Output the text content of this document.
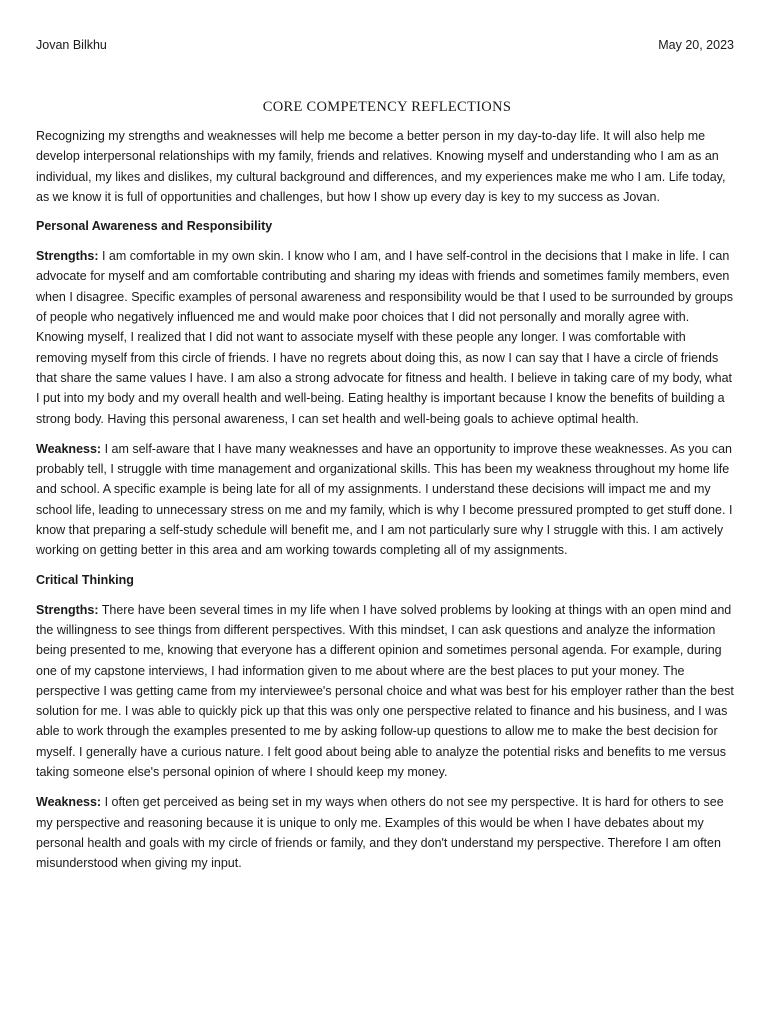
Jovan Bilkhu	May 20, 2023
CORE COMPETENCY REFLECTIONS

Recognizing my strengths and weaknesses will help me become a better person in my day-to-day life. It will also help me develop interpersonal relationships with my family, friends and relatives. Knowing myself and understanding who I am as an individual, my likes and dislikes, my cultural background and differences, and my experiences make me who I am. Life today, as we know it is full of opportunities and challenges, but how I show up every day is key to my success as Jovan.

Personal Awareness and Responsibility

Strengths: I am comfortable in my own skin. I know who I am, and I have self-control in the decisions that I make in life. I can advocate for myself and am comfortable contributing and sharing my ideas with friends and sometimes family members, even when I disagree. Specific examples of personal awareness and responsibility would be that I used to be surrounded by groups of people who negatively influenced me and would make poor choices that I did not personally and morally agree with. Knowing myself, I realized that I did not want to associate myself with these people any longer. I was comfortable with removing myself from this circle of friends. I have no regrets about doing this, as now I can say that I have a circle of friends that share the same values I have. I am also a strong advocate for fitness and health. I believe in taking care of my body, what I put into my body and my overall health and well-being. Eating healthy is important because I know the benefits of building a strong body. Having this personal awareness, I can set health and well-being goals to achieve optimal health.

Weakness: I am self-aware that I have many weaknesses and have an opportunity to improve these weaknesses. As you can probably tell, I struggle with time management and organizational skills. This has been my weakness throughout my home life and school. A specific example is being late for all of my assignments. I understand these decisions will impact me and my school life, leading to unnecessary stress on me and my family, which is why I become pressured prompted to get stuff done. I know that preparing a self-study schedule will benefit me, and I am not particularly sure why I struggle with this. I am actively working on getting better in this area and am working towards completing all of my assignments.

Critical Thinking

Strengths: There have been several times in my life when I have solved problems by looking at things with an open mind and the willingness to see things from different perspectives. With this mindset, I can ask questions and analyze the information being presented to me, knowing that everyone has a different opinion and sometimes personal agenda. For example, during one of my capstone interviews, I had information given to me about where are the best places to put your money. The perspective I was getting came from my interviewee's personal choice and what was best for his employer rather than the best solution for me. I was able to quickly pick up that this was only one perspective related to finance and his business, and I was able to work through the examples presented to me by asking follow-up questions to allow me to make the best decision for myself. I generally have a curious nature. I felt good about being able to analyze the potential risks and benefits to me versus taking someone else's personal opinion of where I should keep my money.

Weakness: I often get perceived as being set in my ways when others do not see my perspective. It is hard for others to see my perspective and reasoning because it is unique to only me. Examples of this would be when I have debates about my personal health and goals with my circle of friends or family, and they don't understand my perspective. Therefore I am often misunderstood when giving my input.
